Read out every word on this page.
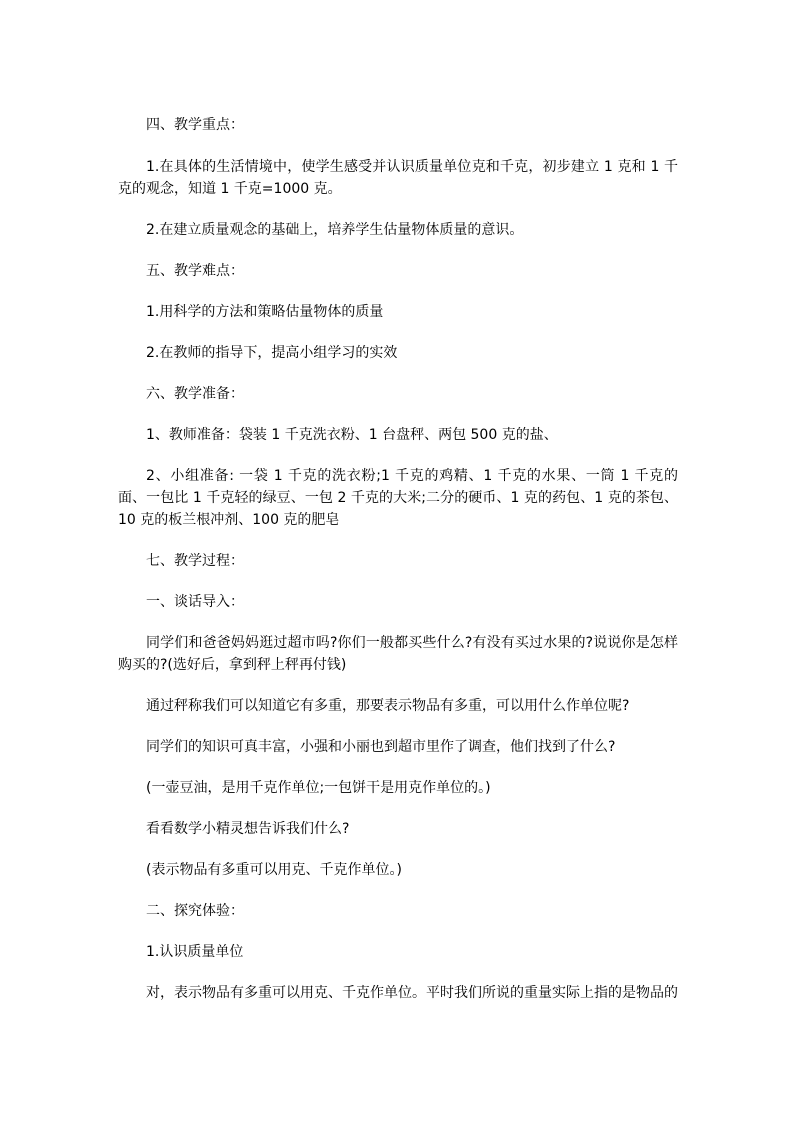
四、教学重点：

1.在具体的生活情境中，使学生感受并认识质量单位克和千克，初步建立 1 克和 1 千克的观念，知道 1 千克=1000 克。

2.在建立质量观念的基础上，培养学生估量物体质量的意识。

五、教学难点：

1.用科学的方法和策略估量物体的质量

2.在教师的指导下，提高小组学习的实效

六、教学准备：

1、教师准备：袋装 1 千克洗衣粉、1 台盘秤、两包 500 克的盐、

2、小组准备: 一袋 1 千克的洗衣粉;1 千克的鸡精、1 千克的水果、一筒 1 千克的面、一包比 1 千克轻的绿豆、一包 2 千克的大米;二分的硬币、1 克的药包、1 克的茶包、10 克的板兰根冲剂、100 克的肥皂

七、教学过程：

一、谈话导入：

同学们和爸爸妈妈逛过超市吗?你们一般都买些什么?有没有买过水果的?说说你是怎样购买的?(选好后，拿到秤上秤再付钱)

通过秤称我们可以知道它有多重，那要表示物品有多重，可以用什么作单位呢?

同学们的知识可真丰富，小强和小丽也到超市里作了调查，他们找到了什么?

(一壶豆油，是用千克作单位;一包饼干是用克作单位的。)

看看数学小精灵想告诉我们什么?

(表示物品有多重可以用克、千克作单位。)

二、探究体验：

1.认识质量单位

对，表示物品有多重可以用克、千克作单位。平时我们所说的重量实际上指的是物品的
